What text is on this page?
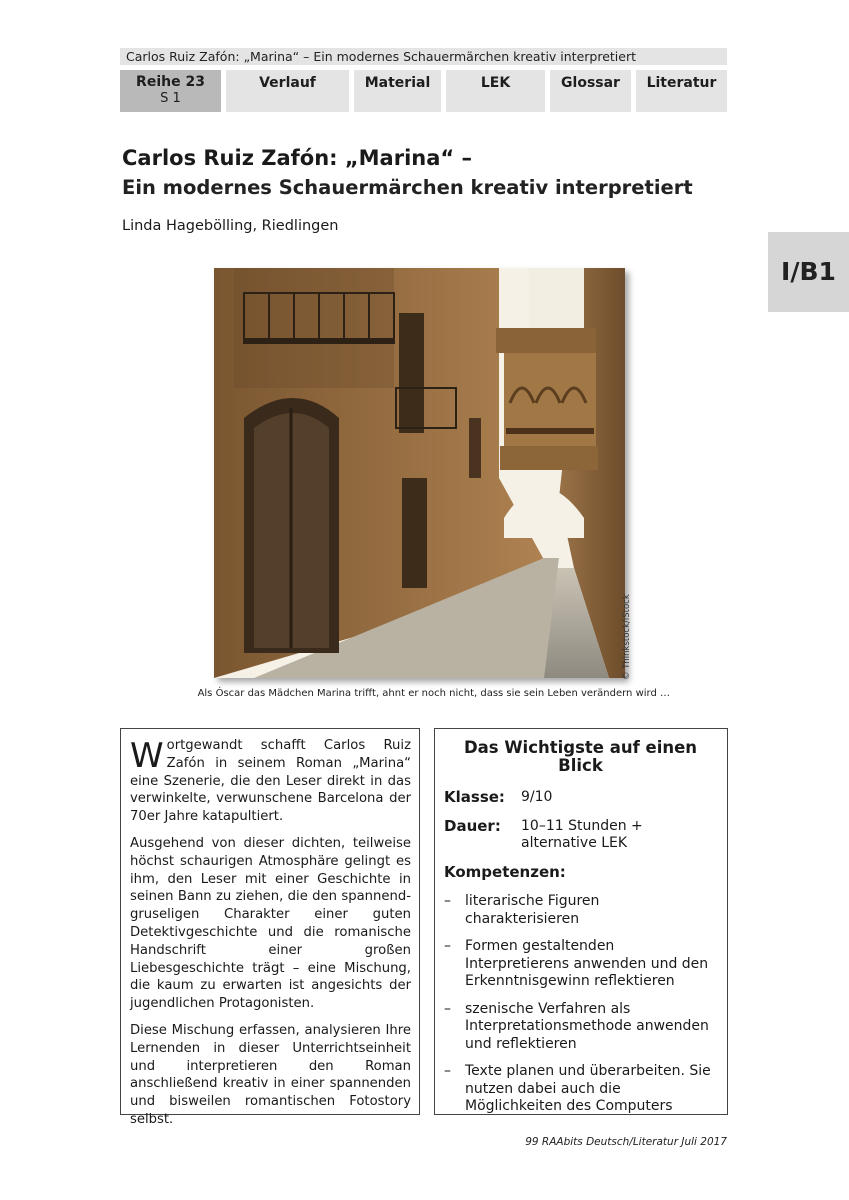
Carlos Ruiz Zafón: „Marina“ – Ein modernes Schauermärchen kreativ interpretiert
Reihe 23
S 1
Verlauf	Material	LEK	Glossar	Literatur
I/B1
Carlos Ruiz Zafón: „Marina“ –
Ein modernes Schauermärchen kreativ interpretiert

Linda Hagebölling, Riedlingen

© Thinkstock/iStock
Als Óscar das Mädchen Marina trifft, ahnt er noch nicht, dass sie sein Leben verändern wird …

Wortgewandt schafft Carlos Ruiz Zafón in seinem Roman „Marina“ eine Szenerie, die den Leser direkt in das verwinkelte, verwunschene Barcelona der 70er Jahre katapultiert.

Ausgehend von dieser dichten, teilweise höchst schaurigen Atmosphäre gelingt es ihm, den Leser mit einer Geschichte in seinen Bann zu ziehen, die den spannend-gruseligen Charakter einer guten Detektivgeschichte und die romanische Handschrift einer großen Liebesgeschichte trägt – eine Mischung, die kaum zu erwarten ist angesichts der jugendlichen Protagonisten.

Diese Mischung erfassen, analysieren Ihre Lernenden in dieser Unterrichtseinheit und interpretieren den Roman anschließend kreativ in einer spannenden und bisweilen romantischen Fotostory selbst.

Das Wichtigste auf einen Blick
Klasse:	9/10
Dauer:	10–11 Stunden + alternative LEK
Kompetenzen:
–	literarische Figuren charakterisieren
–	Formen gestaltenden Interpretierens anwenden und den Erkenntnisgewinn reflektieren
–	szenische Verfahren als Interpretationsmethode anwenden und reflektieren
–	Texte planen und überarbeiten. Sie nutzen dabei auch die Möglichkeiten des Computers
99 RAAbits Deutsch/Literatur Juli 2017
